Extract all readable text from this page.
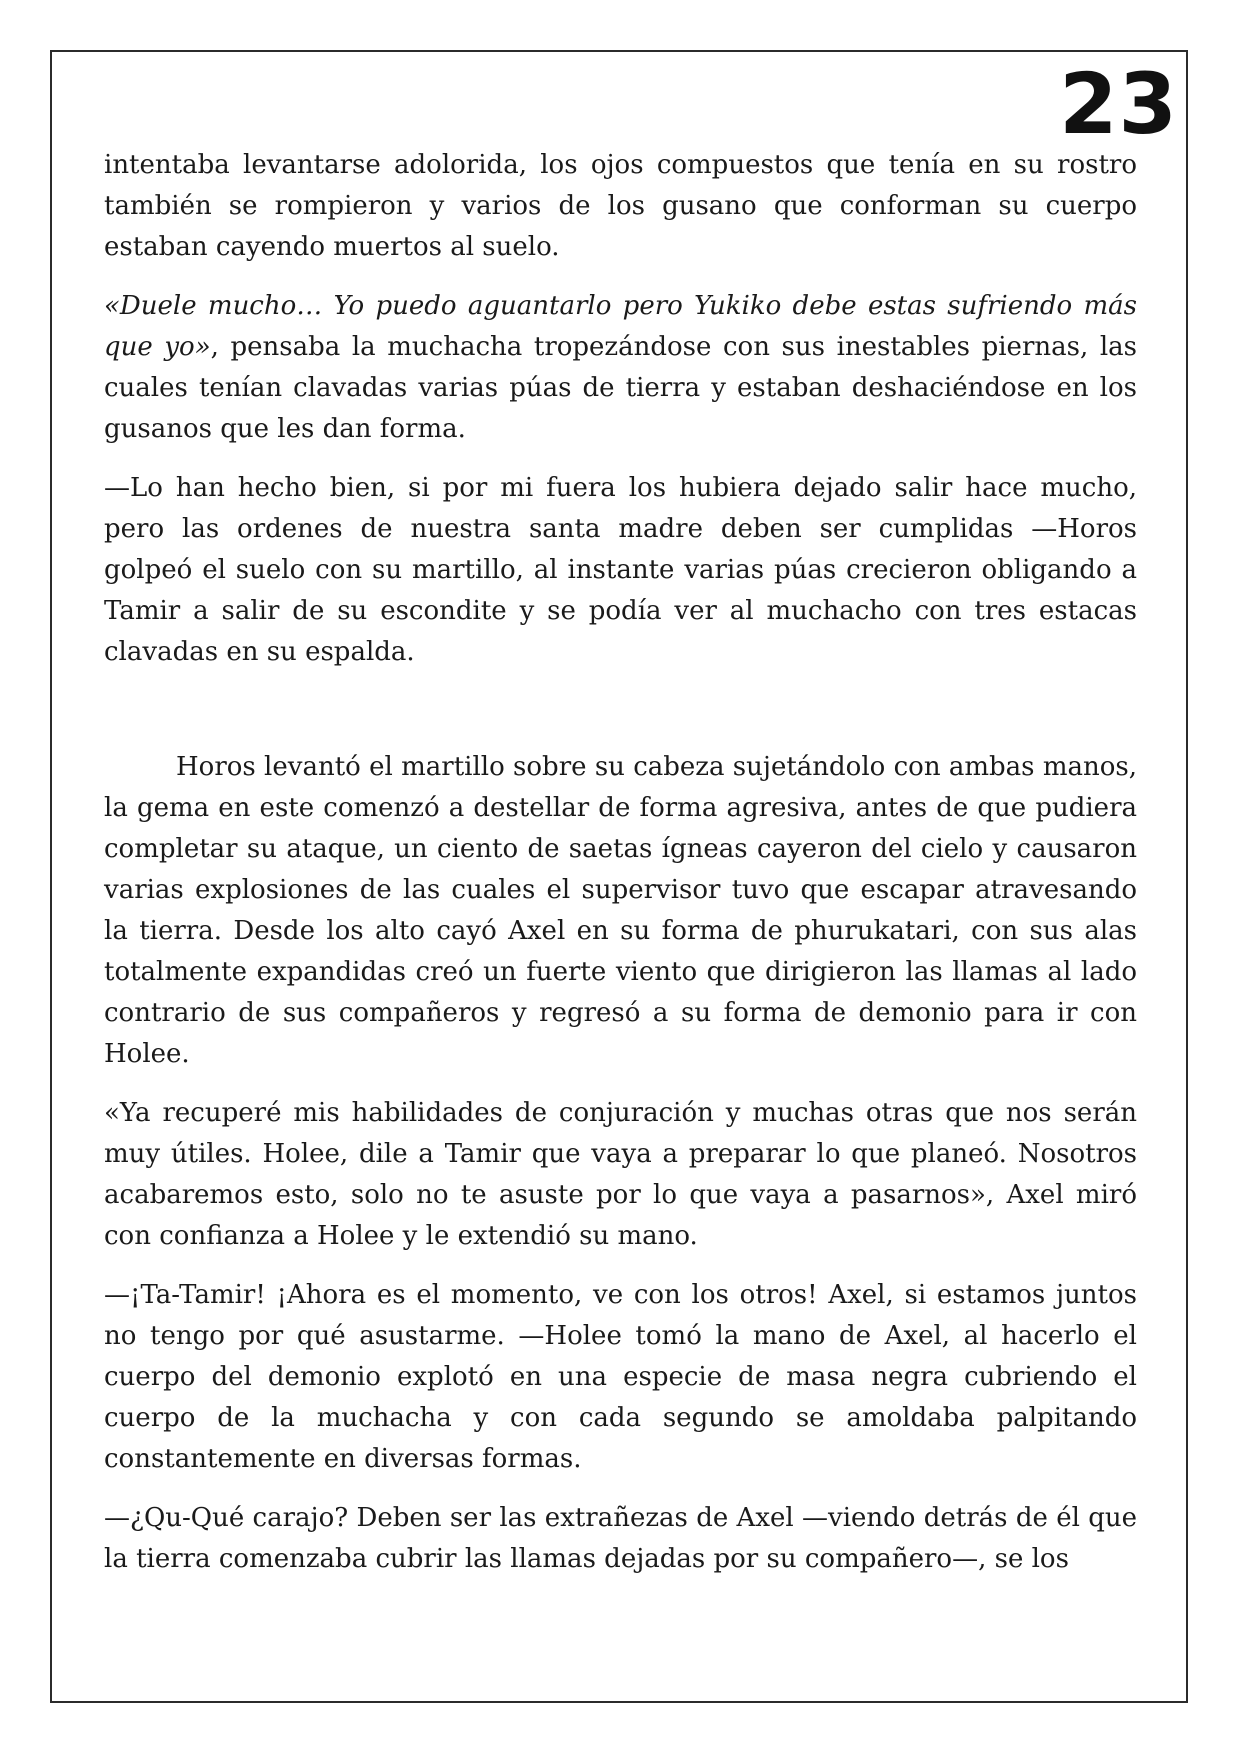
23

intentaba levantarse adolorida, los ojos compuestos que tenía en su rostro también se rompieron y varios de los gusano que conforman su cuerpo estaban cayendo muertos al suelo.

«Duele mucho… Yo puedo aguantarlo pero Yukiko debe estas sufriendo más que yo», pensaba la muchacha tropezándose con sus inestables piernas, las cuales tenían clavadas varias púas de tierra y estaban deshaciéndose en los gusanos que les dan forma.

—Lo han hecho bien, si por mi fuera los hubiera dejado salir hace mucho, pero las ordenes de nuestra santa madre deben ser cumplidas —Horos golpeó el suelo con su martillo, al instante varias púas crecieron obligando a Tamir a salir de su escondite y se podía ver al muchacho con tres estacas clavadas en su espalda.

Horos levantó el martillo sobre su cabeza sujetándolo con ambas manos, la gema en este comenzó a destellar de forma agresiva, antes de que pudiera completar su ataque, un ciento de saetas ígneas cayeron del cielo y causaron varias explosiones de las cuales el supervisor tuvo que escapar atravesando la tierra. Desde los alto cayó Axel en su forma de phurukatari, con sus alas totalmente expandidas creó un fuerte viento que dirigieron las llamas al lado contrario de sus compañeros y regresó a su forma de demonio para ir con Holee.

«Ya recuperé mis habilidades de conjuración y muchas otras que nos serán muy útiles. Holee, dile a Tamir que vaya a preparar lo que planeó. Nosotros acabaremos esto, solo no te asuste por lo que vaya a pasarnos», Axel miró con confianza a Holee y le extendió su mano.

—¡Ta-Tamir! ¡Ahora es el momento, ve con los otros! Axel, si estamos juntos no tengo por qué asustarme. —Holee tomó la mano de Axel, al hacerlo el cuerpo del demonio explotó en una especie de masa negra cubriendo el cuerpo de la muchacha y con cada segundo se amoldaba palpitando constantemente en diversas formas.

—¿Qu-Qué carajo? Deben ser las extrañezas de Axel —viendo detrás de él que la tierra comenzaba cubrir las llamas dejadas por su compañero—, se los
